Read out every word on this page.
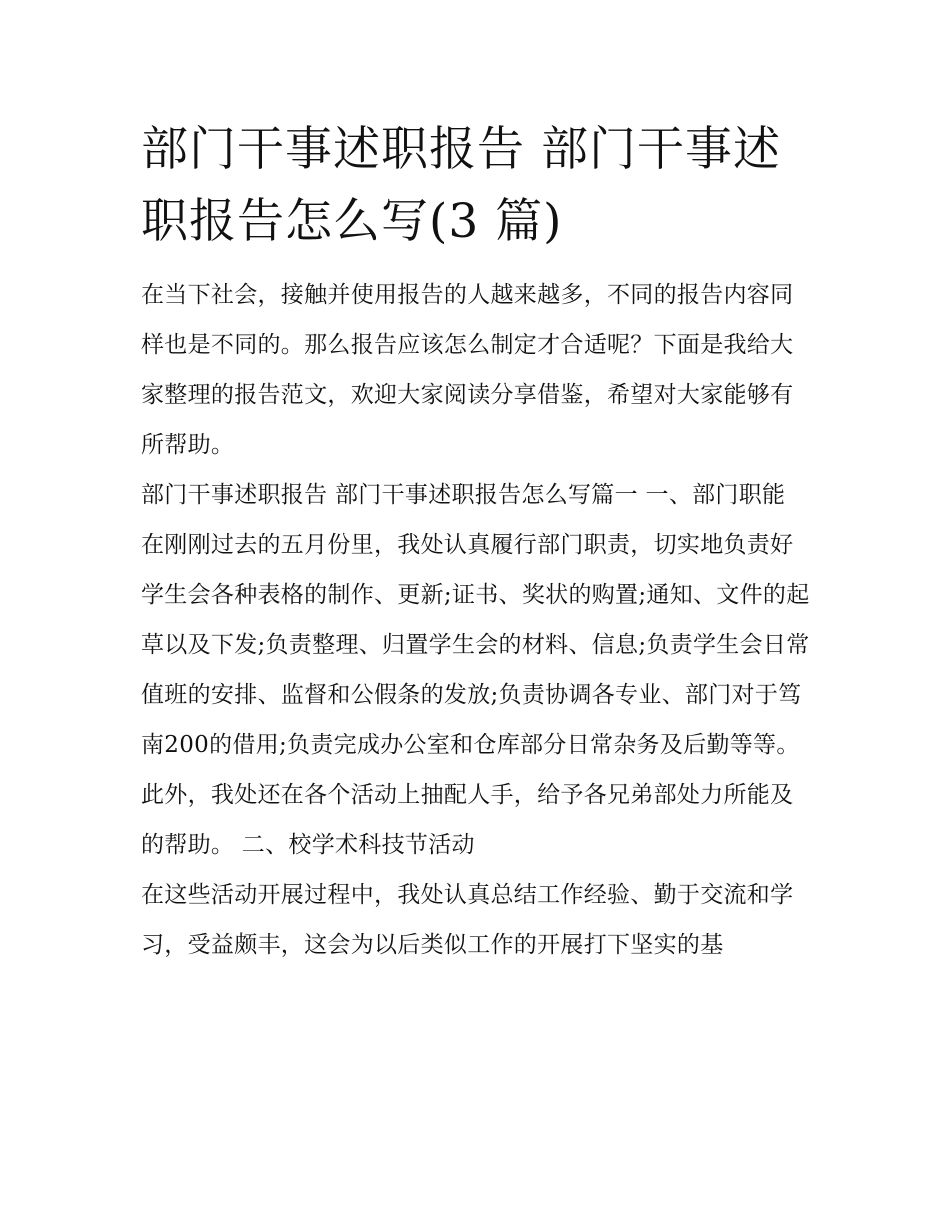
部门干事述职报告 部门干事述职报告怎么写(3 篇)

在当下社会，接触并使用报告的人越来越多，不同的报告内容同样也是不同的。那么报告应该怎么制定才合适呢？下面是我给大家整理的报告范文，欢迎大家阅读分享借鉴，希望对大家能够有所帮助。

部门干事述职报告 部门干事述职报告怎么写篇一 一、部门职能

在刚刚过去的五月份里，我处认真履行部门职责，切实地负责好学生会各种表格的制作、更新;证书、奖状的购置;通知、文件的起草以及下发;负责整理、归置学生会的材料、信息;负责学生会日常值班的安排、监督和公假条的发放;负责协调各专业、部门对于笃南200的借用;负责完成办公室和仓库部分日常杂务及后勤等等。

此外，我处还在各个活动上抽配人手，给予各兄弟部处力所能及的帮助。 二、校学术科技节活动

在这些活动开展过程中，我处认真总结工作经验、勤于交流和学习，受益颇丰，这会为以后类似工作的开展打下坚实的基
